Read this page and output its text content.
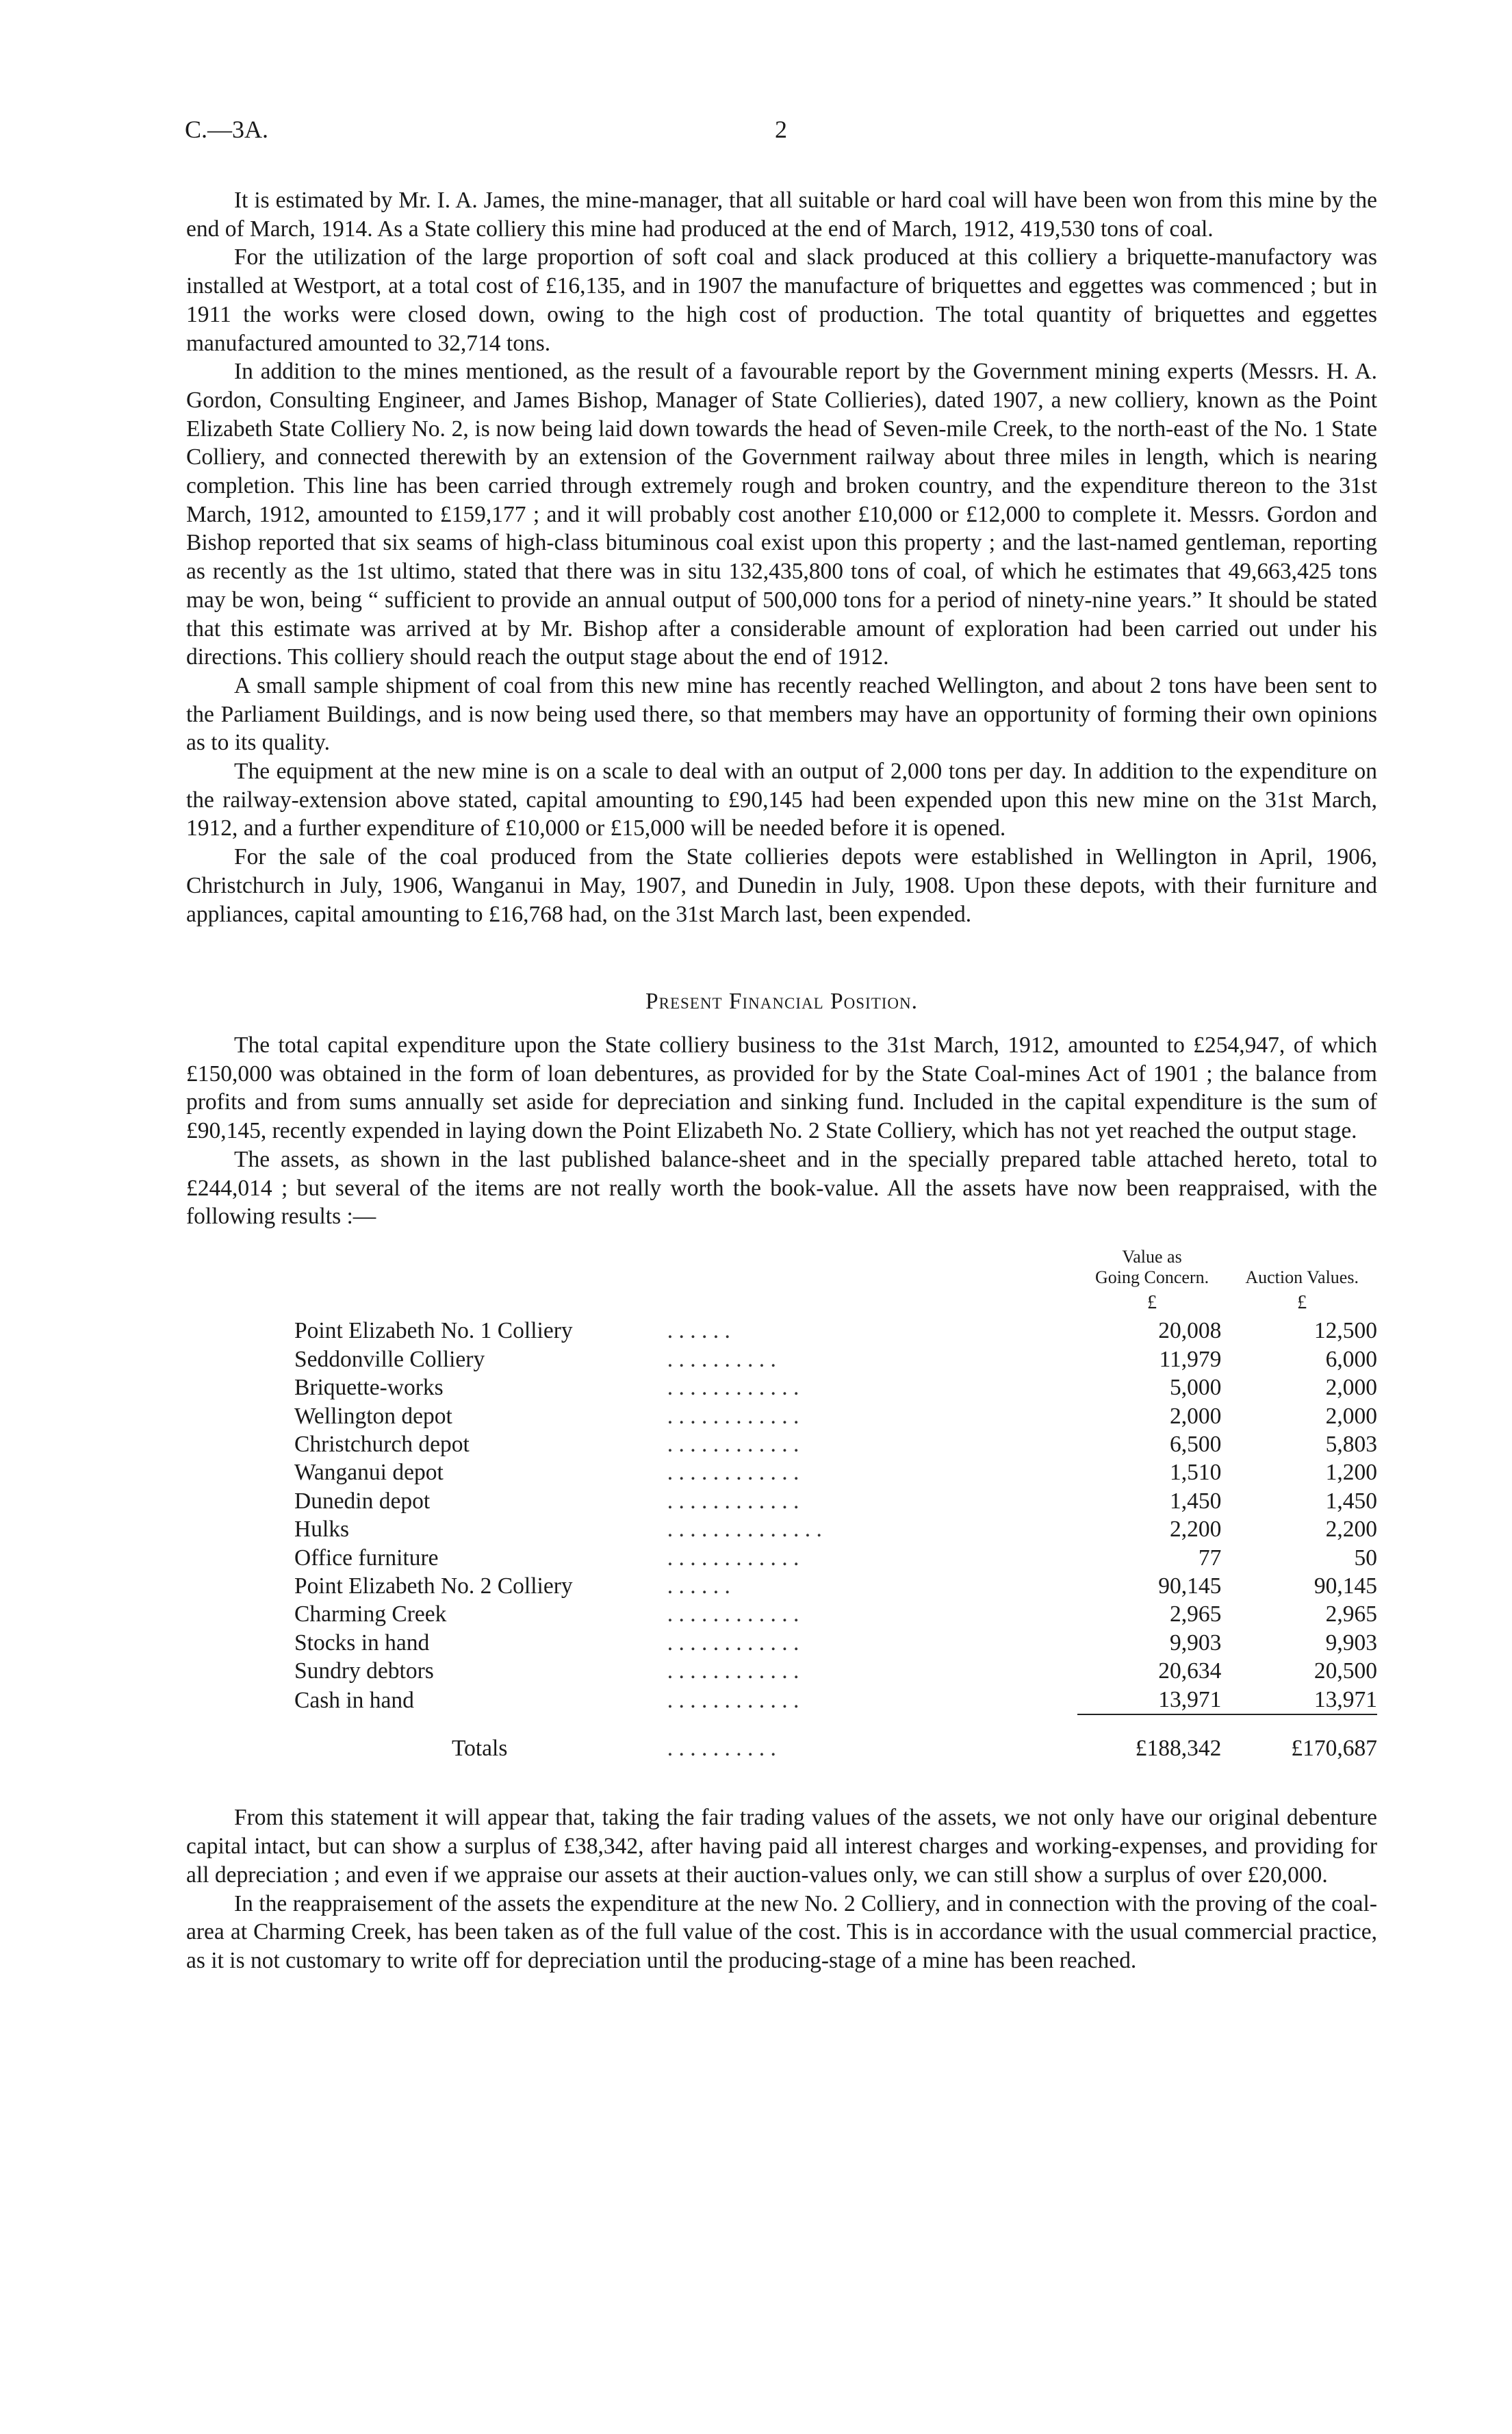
C.—3A.	2

It is estimated by Mr. I. A. James, the mine-manager, that all suitable or hard coal will have been won from this mine by the end of March, 1914. As a State colliery this mine had produced at the end of March, 1912, 419,530 tons of coal.

For the utilization of the large proportion of soft coal and slack produced at this colliery a briquette-manufactory was installed at Westport, at a total cost of £16,135, and in 1907 the manufacture of briquettes and eggettes was commenced ; but in 1911 the works were closed down, owing to the high cost of production. The total quantity of briquettes and eggettes manufactured amounted to 32,714 tons.

In addition to the mines mentioned, as the result of a favourable report by the Government mining experts (Messrs. H. A. Gordon, Consulting Engineer, and James Bishop, Manager of State Collieries), dated 1907, a new colliery, known as the Point Elizabeth State Colliery No. 2, is now being laid down towards the head of Seven-mile Creek, to the north-east of the No. 1 State Colliery, and connected therewith by an extension of the Government railway about three miles in length, which is nearing completion. This line has been carried through extremely rough and broken country, and the expenditure thereon to the 31st March, 1912, amounted to £159,177 ; and it will probably cost another £10,000 or £12,000 to complete it. Messrs. Gordon and Bishop reported that six seams of high-class bituminous coal exist upon this property ; and the last-named gentleman, reporting as recently as the 1st ultimo, stated that there was in situ 132,435,800 tons of coal, of which he estimates that 49,663,425 tons may be won, being “ sufficient to provide an annual output of 500,000 tons for a period of ninety-nine years.” It should be stated that this estimate was arrived at by Mr. Bishop after a considerable amount of exploration had been carried out under his directions. This colliery should reach the output stage about the end of 1912.

A small sample shipment of coal from this new mine has recently reached Wellington, and about 2 tons have been sent to the Parliament Buildings, and is now being used there, so that members may have an opportunity of forming their own opinions as to its quality.

The equipment at the new mine is on a scale to deal with an output of 2,000 tons per day. In addition to the expenditure on the railway-extension above stated, capital amounting to £90,145 had been expended upon this new mine on the 31st March, 1912, and a further expenditure of £10,000 or £15,000 will be needed before it is opened.

For the sale of the coal produced from the State collieries depots were established in Wellington in April, 1906, Christchurch in July, 1906, Wanganui in May, 1907, and Dunedin in July, 1908. Upon these depots, with their furniture and appliances, capital amounting to £16,768 had, on the 31st March last, been expended.

Present Financial Position.

The total capital expenditure upon the State colliery business to the 31st March, 1912, amounted to £254,947, of which £150,000 was obtained in the form of loan debentures, as provided for by the State Coal-mines Act of 1901 ; the balance from profits and from sums annually set aside for depreciation and sinking fund. Included in the capital expenditure is the sum of £90,145, recently expended in laying down the Point Elizabeth No. 2 State Colliery, which has not yet reached the output stage.

The assets, as shown in the last published balance-sheet and in the specially prepared table attached hereto, total to £244,014 ; but several of the items are not really worth the book-value. All the assets have now been reappraised, with the following results :—

		Value as
Going Concern.	Auction Values.
		£	£
Point Elizabeth No. 1 Colliery	. . . . . .	20,008	12,500
Seddonville Colliery	. . . . . . . . . .	11,979	6,000
Briquette-works	. . . . . . . . . . . .	5,000	2,000
Wellington depot	. . . . . . . . . . . .	2,000	2,000
Christchurch depot	. . . . . . . . . . . .	6,500	5,803
Wanganui depot	. . . . . . . . . . . .	1,510	1,200
Dunedin depot	. . . . . . . . . . . .	1,450	1,450
Hulks	. . . . . . . . . . . . . .	2,200	2,200
Office furniture	. . . . . . . . . . . .	77	50
Point Elizabeth No. 2 Colliery	. . . . . .	90,145	90,145
Charming Creek	. . . . . . . . . . . .	2,965	2,965
Stocks in hand	. . . . . . . . . . . .	9,903	9,903
Sundry debtors	. . . . . . . . . . . .	20,634	20,500
Cash in hand	. . . . . . . . . . . .	13,971	13,971
Totals	. . . . . . . . . .	£188,342	£170,687

From this statement it will appear that, taking the fair trading values of the assets, we not only have our original debenture capital intact, but can show a surplus of £38,342, after having paid all interest charges and working-expenses, and providing for all depreciation ; and even if we appraise our assets at their auction-values only, we can still show a surplus of over £20,000.

In the reappraisement of the assets the expenditure at the new No. 2 Colliery, and in connection with the proving of the coal-area at Charming Creek, has been taken as of the full value of the cost. This is in accordance with the usual commercial practice, as it is not customary to write off for depreciation until the producing-stage of a mine has been reached.
